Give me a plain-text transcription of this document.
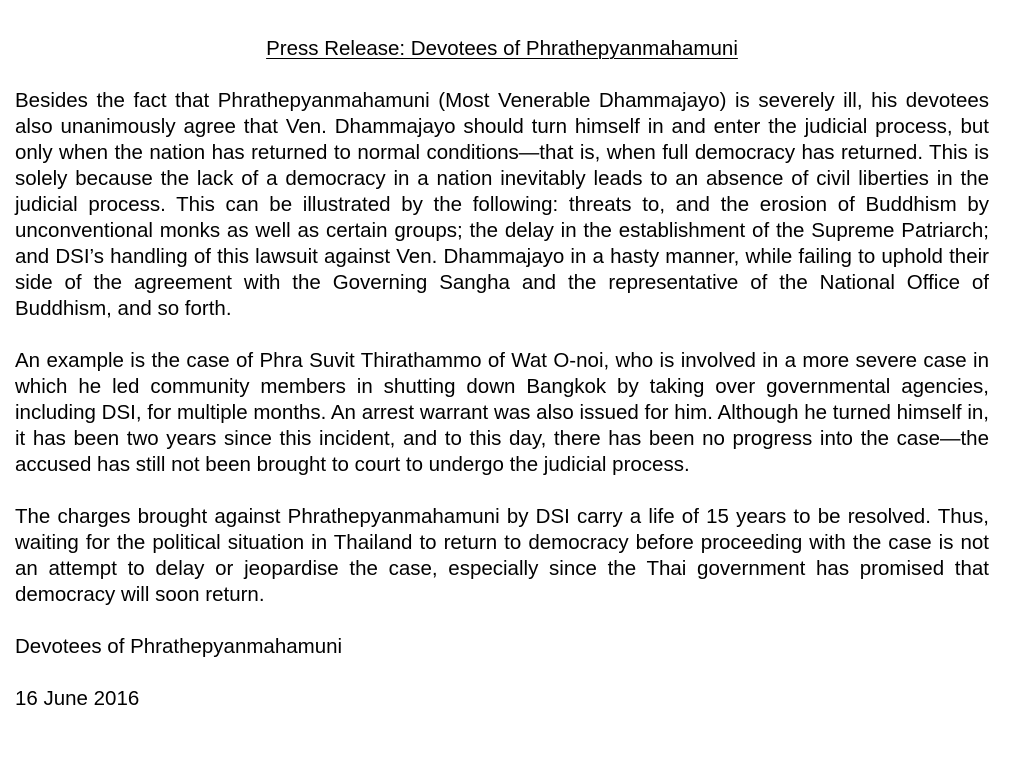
Press Release: Devotees of Phrathepyanmahamuni

Besides the fact that Phrathepyanmahamuni (Most Venerable Dhammajayo) is severely ill, his devotees also unanimously agree that Ven. Dhammajayo should turn himself in and enter the judicial process, but only when the nation has returned to normal conditions—that is, when full democracy has returned. This is solely because the lack of a democracy in a nation inevitably leads to an absence of civil liberties in the judicial process. This can be illustrated by the following: threats to, and the erosion of Buddhism by unconventional monks as well as certain groups; the delay in the establishment of the Supreme Patriarch; and DSI’s handling of this lawsuit against Ven. Dhammajayo in a hasty manner, while failing to uphold their side of the agreement with the Governing Sangha and the representative of the National Office of Buddhism, and so forth.

An example is the case of Phra Suvit Thirathammo of Wat O-noi, who is involved in a more severe case in which he led community members in shutting down Bangkok by taking over governmental agencies, including DSI, for multiple months. An arrest warrant was also issued for him. Although he turned himself in, it has been two years since this incident, and to this day, there has been no progress into the case—the accused has still not been brought to court to undergo the judicial process.

The charges brought against Phrathepyanmahamuni by DSI carry a life of 15 years to be resolved. Thus, waiting for the political situation in Thailand to return to democracy before proceeding with the case is not an attempt to delay or jeopardise the case, especially since the Thai government has promised that democracy will soon return.

Devotees of Phrathepyanmahamuni

16 June 2016
